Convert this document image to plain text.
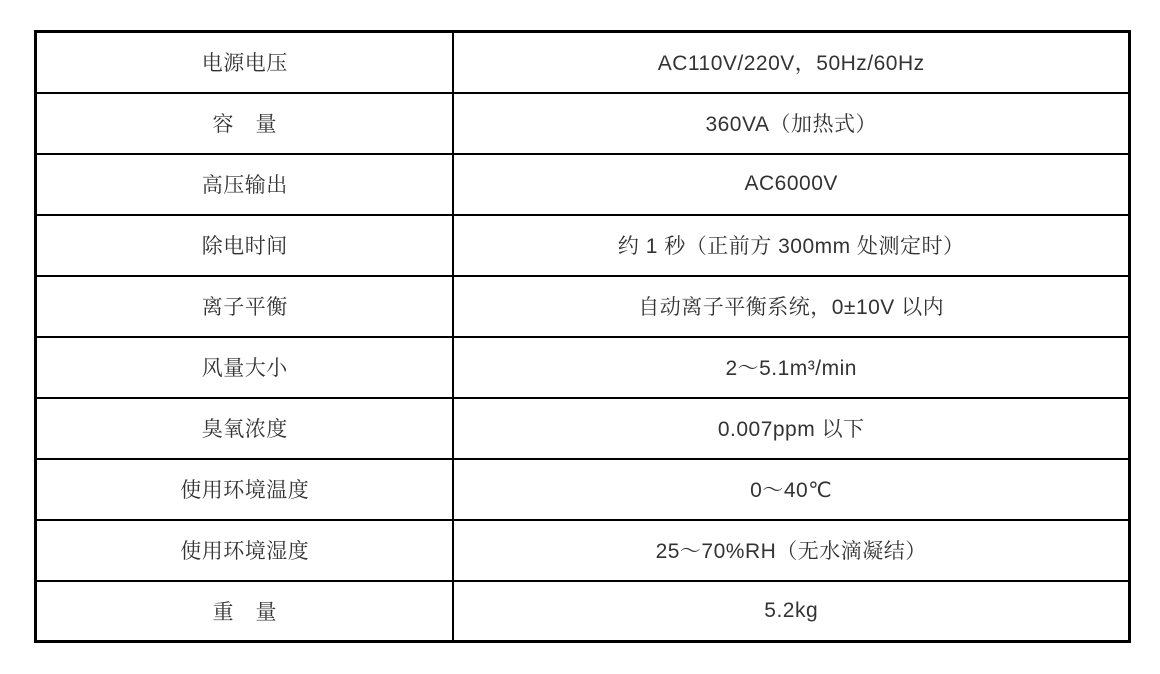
电源电压	AC110V/220V，50Hz/60Hz
容　量	360VA（加热式）
高压输出	AC6000V
除电时间	约 1 秒（正前方 300mm 处测定时）
离子平衡	自动离子平衡系统，0±10V 以内
风量大小	2～5.1m³/min
臭氧浓度	0.007ppm 以下
使用环境温度	0～40℃
使用环境湿度	25～70%RH（无水滴凝结）
重　量	5.2kg
